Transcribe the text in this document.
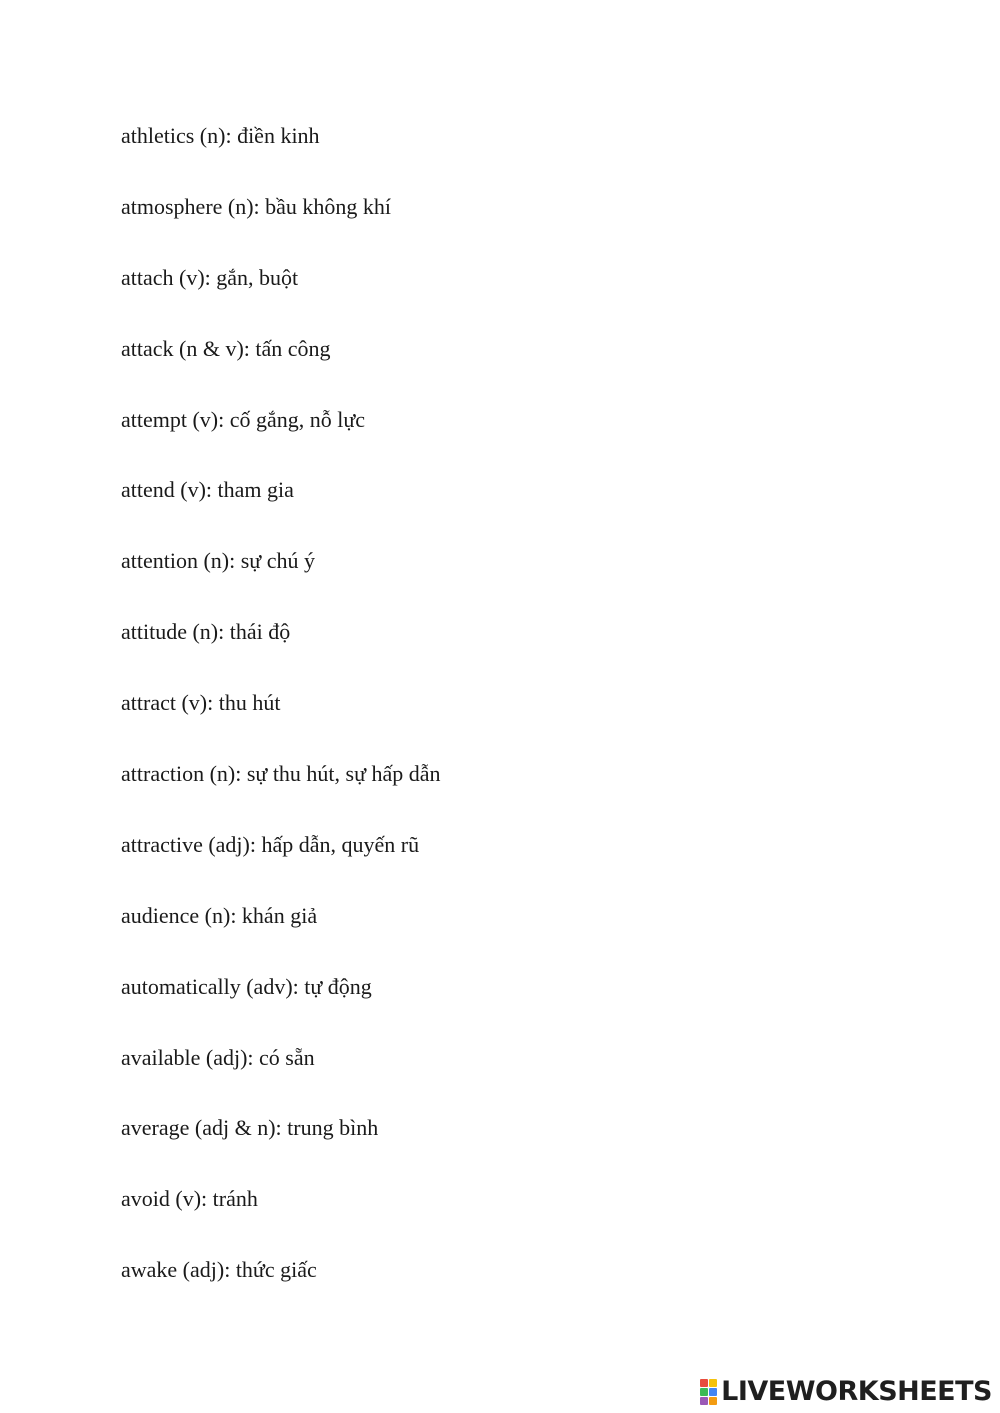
athletics (n): điền kinh
atmosphere (n): bầu không khí
attach (v): gắn, buột
attack (n & v): tấn công
attempt (v): cố gắng, nỗ lực
attend (v): tham gia
attention (n): sự chú ý
attitude (n): thái độ
attract (v): thu hút
attraction (n): sự thu hút, sự hấp dẫn
attractive (adj): hấp dẫn, quyến rũ
audience (n): khán giả
automatically (adv): tự động
available (adj): có sẵn
average (adj & n): trung bình
avoid (v): tránh
awake (adj): thức giấc
LIVEWORKSHEETS
